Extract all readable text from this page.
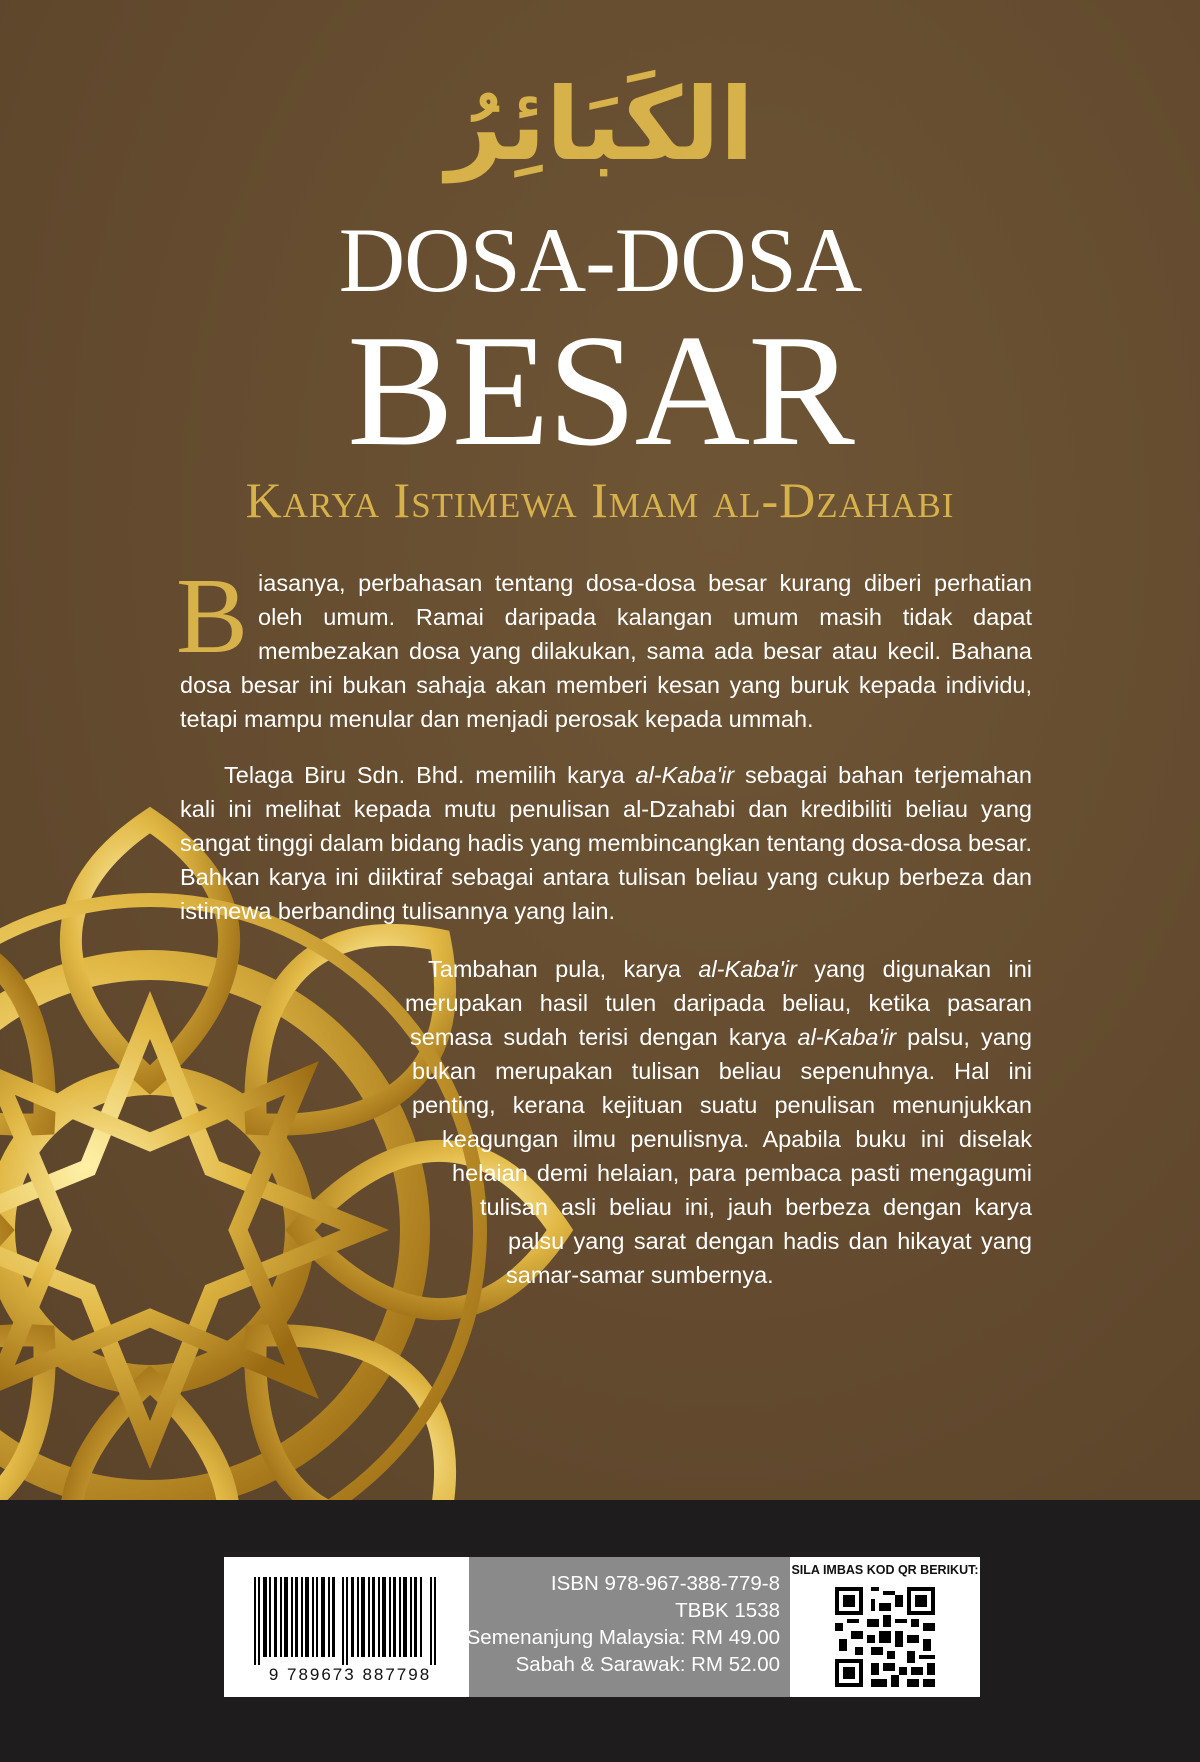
الكَبَائِرُ
DOSA-DOSA
BESAR
Karya Istimewa Imam al-Dzahabi
Biasanya, perbahasan tentang dosa-dosa besar kurang diberi perhatian oleh umum. Ramai daripada kalangan umum masih tidak dapat membezakan dosa yang dilakukan, sama ada besar atau kecil. Bahana dosa besar ini bukan sahaja akan memberi kesan yang buruk kepada individu, tetapi mampu menular dan menjadi perosak kepada ummah.
Telaga Biru Sdn. Bhd. memilih karya al-Kaba'ir sebagai bahan terjemahan kali ini melihat kepada mutu penulisan al-Dzahabi dan kredibiliti beliau yang sangat tinggi dalam bidang hadis yang membincangkan tentang dosa-dosa besar. Bahkan karya ini diiktiraf sebagai antara tulisan beliau yang cukup berbeza dan istimewa berbanding tulisannya yang lain.
Tambahan pula, karya al-Kaba'ir yang digunakan ini
merupakan hasil tulen daripada beliau, ketika pasaran
semasa sudah terisi dengan karya al-Kaba'ir palsu, yang
bukan merupakan tulisan beliau sepenuhnya. Hal ini
penting, kerana kejituan suatu penulisan menunjukkan
keagungan ilmu penulisnya. Apabila buku ini diselak
helaian demi helaian, para pembaca pasti mengagumi
tulisan asli beliau ini, jauh berbeza dengan karya
palsu yang sarat dengan hadis dan hikayat yang
samar-samar sumbernya.
9 789673 887798
ISBN 978-967-388-779-8
TBBK 1538
Semenanjung Malaysia: RM 49.00
Sabah & Sarawak: RM 52.00
SILA IMBAS KOD QR BERIKUT:
